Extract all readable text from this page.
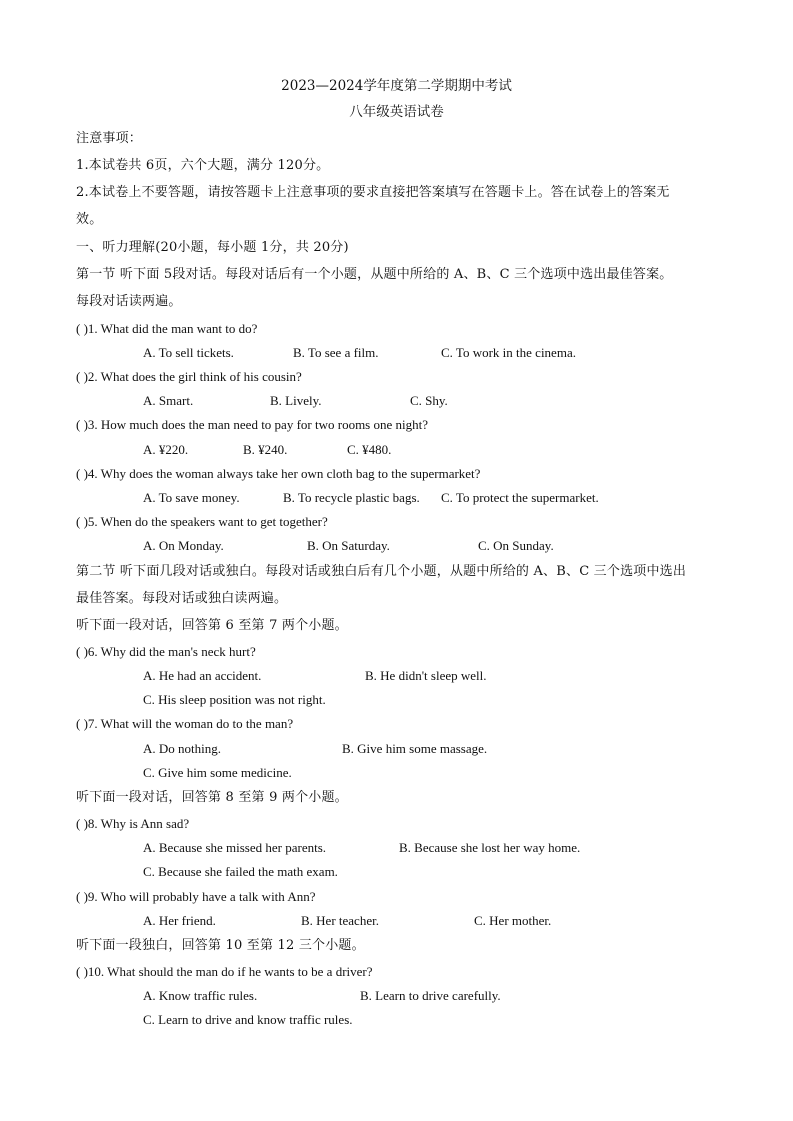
2023—2024学年度第二学期期中考试
八年级英语试卷
注意事项：
1.本试卷共 6页，六个大题，满分 120分。
2.本试卷上不要答题，请按答题卡上注意事项的要求直接把答案填写在答题卡上。答在试卷上的答案无
效。
一、听力理解(20小题，每小题 1分，共 20分)
第一节 听下面 5段对话。每段对话后有一个小题，从题中所给的 A、B、C 三个选项中选出最佳答案。
每段对话读两遍。
( )1. What did the man want to do?
A. To sell tickets.	B. To see a film.	C. To work in the cinema.
( )2. What does the girl think of his cousin?
A. Smart.	B. Lively.	C. Shy.
( )3. How much does the man need to pay for two rooms one night?
A. ¥220.	B. ¥240.	C. ¥480.
( )4. Why does the woman always take her own cloth bag to the supermarket?
A. To save money.	B. To recycle plastic bags. C. To protect the supermarket.
( )5. When do the speakers want to get together?
A. On Monday.	B. On Saturday.	C. On Sunday.
第二节 听下面几段对话或独白。每段对话或独白后有几个小题，从题中所给的 A、B、C 三个选项中选出
最佳答案。每段对话或独白读两遍。
听下面一段对话，回答第 6 至第 7 两个小题。
( )6. Why did the man's neck hurt?
A. He had an accident.	B. He didn't sleep well.
C. His sleep position was not right.
( )7. What will the woman do to the man?
A. Do nothing.	B. Give him some massage.
C. Give him some medicine.
听下面一段对话，回答第 8 至第 9 两个小题。
( )8. Why is Ann sad?
A. Because she missed her parents.	B. Because she lost her way home.
C. Because she failed the math exam.
( )9. Who will probably have a talk with Ann?
A. Her friend.	B. Her teacher.	C. Her mother.
听下面一段独白，回答第 10 至第 12 三个小题。
( )10. What should the man do if he wants to be a driver?
A. Know traffic rules.	B. Learn to drive carefully.
C. Learn to drive and know traffic rules.
